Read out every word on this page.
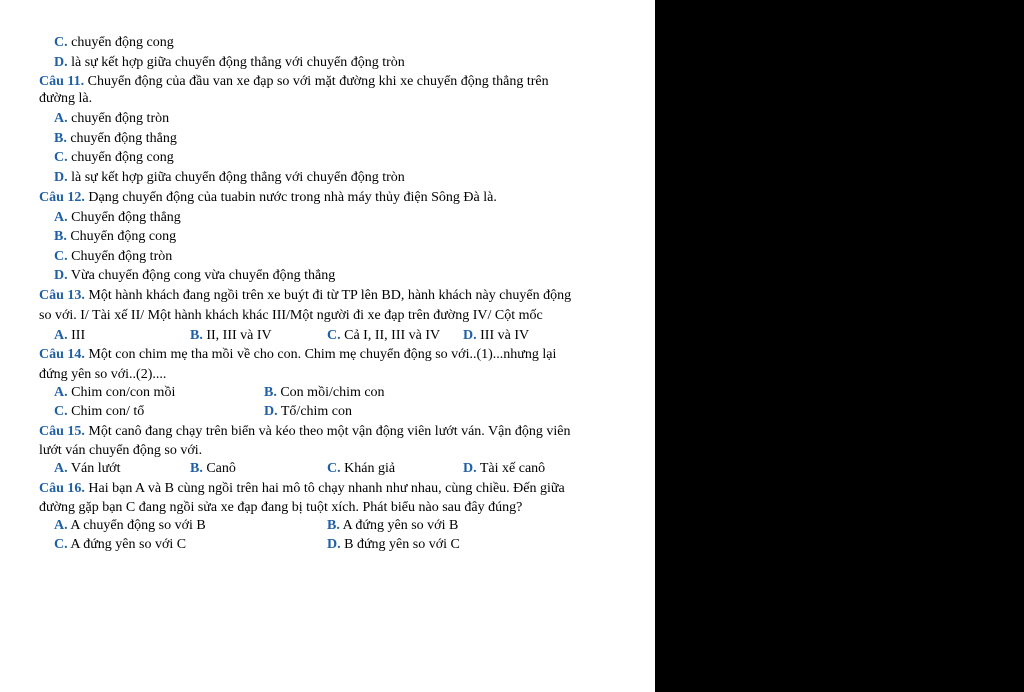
C. chuyển động cong
D. là sự kết hợp giữa chuyển động thẳng với chuyển động tròn
Câu 11. Chuyển động của đầu van xe đạp so với mặt đường khi xe chuyển động thẳng trên
đường là.
A. chuyển động tròn
B. chuyển động thẳng
C. chuyển động cong
D. là sự kết hợp giữa chuyển động thẳng với chuyển động tròn
Câu 12. Dạng chuyển động của tuabin nước trong nhà máy thủy điện Sông Đà là.
A. Chuyển động thẳng
B. Chuyển động cong
C. Chuyển động tròn
D. Vừa chuyển động cong vừa chuyển động thẳng
Câu 13. Một hành khách đang ngồi trên xe buýt đi từ TP lên BD, hành khách này chuyển động
so với. I/ Tài xế II/ Một hành khách khác III/Một người đi xe đạp trên đường IV/ Cột mốc
A. III	B. II, III và IV	C. Cả I, II, III và IV D. III và IV
Câu 14. Một con chim mẹ tha mồi về cho con. Chim mẹ chuyển động so với..(1)...nhưng lại
đứng yên so với..(2)....
A. Chim con/con mồi	B. Con mồi/chim con
C. Chim con/ tổ	D. Tổ/chim con
Câu 15. Một canô đang chạy trên biển và kéo theo một vận động viên lướt ván. Vận động viên
lướt ván chuyển động so với.
A. Ván lướt	B. Canô	C. Khán giả	D. Tài xế canô
Câu 16. Hai bạn A và B cùng ngồi trên hai mô tô chạy nhanh như nhau, cùng chiều. Đến giữa
đường gặp bạn C đang ngồi sửa xe đạp đang bị tuột xích. Phát biểu nào sau đây đúng?
A. A chuyển động so với B	B. A đứng yên so với B
C. A đứng yên so với C	D. B đứng yên so với C
